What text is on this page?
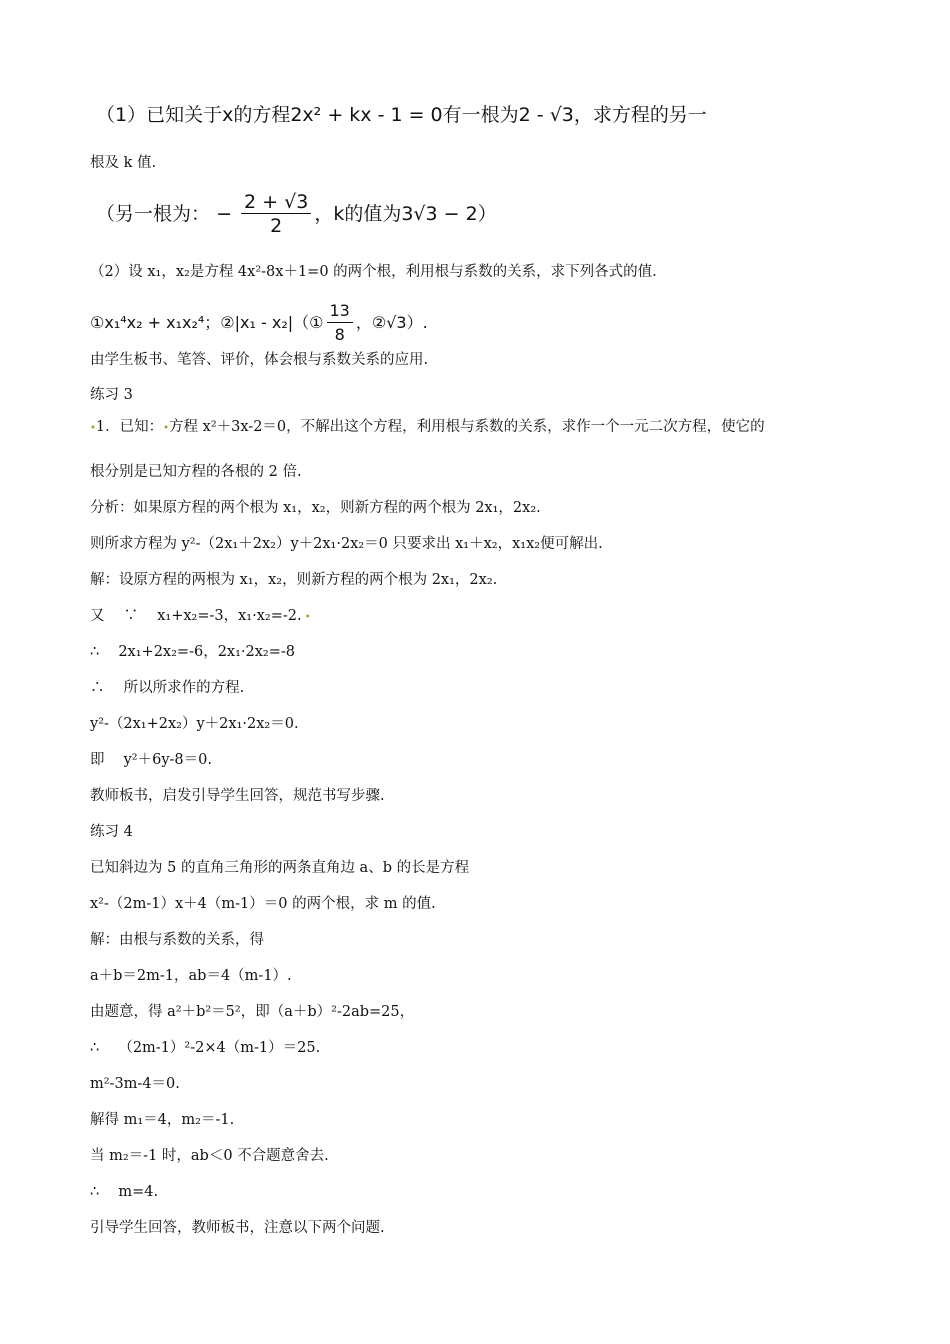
（1）已知关于x的方程2x² + kx - 1 = 0有一根为2 - √3，求方程的另一
根及 k 值.
（另一根为： − $\frac{2 + √3}{2}$ ，k的值为3√3 − 2）
（2）设 x₁，x₂是方程 4x²-8x＋1=0 的两个根，利用根与系数的关系，求下列各式的值.
①x₁⁴x₂ + x₁x₂⁴；②|x₁ - x₂|（① $\frac{13}{8}$ ，②√3）.
由学生板书、笔答、评价，体会根与系数关系的应用.
练习 3
•1．已知：•方程 x²＋3x-2＝0，不解出这个方程，利用根与系数的关系，求作一个一元二次方程，使它的
根分别是已知方程的各根的 2 倍.
分析：如果原方程的两个根为 x₁，x₂，则新方程的两个根为 2x₁，2x₂.
则所求方程为 y²-（2x₁＋2x₂）y＋2x₁·2x₂＝0 只要求出 x₁＋x₂，x₁x₂便可解出.
解：设原方程的两根为 x₁，x₂，则新方程的两个根为 2x₁，2x₂.
又　 ∵　 x₁+x₂=-3，x₁·x₂=-2. •
∴　 2x₁+2x₂=-6，2x₁·2x₂=-8
∴　 所以所求作的方程.
y²-（2x₁+2x₂）y＋2x₁·2x₂＝0.
即　 y²＋6y-8＝0.
教师板书，启发引导学生回答，规范书写步骤.
练习 4
已知斜边为 5 的直角三角形的两条直角边 a、b 的长是方程
x²-（2m-1）x＋4（m-1）＝0 的两个根，求 m 的值.
解：由根与系数的关系，得
a＋b＝2m-1，ab＝4（m-1）.
由题意，得 a²＋b²＝5²，即（a＋b）²-2ab=25，
∴　 （2m-1）²-2×4（m-1）＝25.
m²-3m-4＝0.
解得 m₁＝4，m₂＝-1.
当 m₂＝-1 时，ab＜0 不合题意舍去.
∴　 m=4.
引导学生回答，教师板书，注意以下两个问题.
